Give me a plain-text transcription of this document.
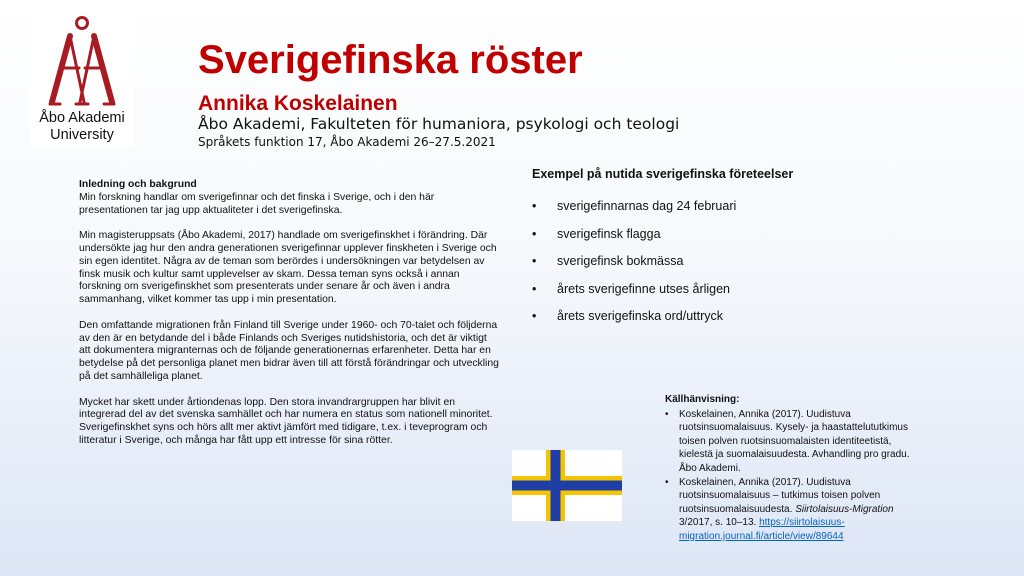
Åbo Akademi
University
Sverigefinska röster
Annika Koskelainen
Åbo Akademi, Fakulteten för humaniora, psykologi och teologi
Språkets funktion 17, Åbo Akademi 26–27.5.2021
Inledning och bakgrund

Min forskning handlar om sverigefinnar och det finska i Sverige, och i den här presentationen tar jag upp aktualiteter i det sverigefinska.

Min magisteruppsats (Åbo Akademi, 2017) handlade om sverigefinskhet i förändring. Där undersökte jag hur den andra generationen sverigefinnar upplever finskheten i Sverige och sin egen identitet. Några av de teman som berördes i undersökningen var betydelsen av finsk musik och kultur samt upplevelser av skam. Dessa teman syns också i annan forskning om sverigefinskhet som presenterats under senare år och även i andra sammanhang, vilket kommer tas upp i min presentation.

Den omfattande migrationen från Finland till Sverige under 1960- och 70-talet och följderna av den är en betydande del i både Finlands och Sveriges nutidshistoria, och det är viktigt att dokumentera migranternas och de följande generationernas erfarenheter. Detta har en betydelse på det personliga planet men bidrar även till att förstå förändringar och utveckling på det samhälleliga planet.

Mycket har skett under årtiondenas lopp. Den stora invandrargruppen har blivit en integrerad del av det svenska samhället och har numera en status som nationell minoritet. Sverigefinskhet syns och hörs allt mer aktivt jämfört med tidigare, t.ex. i teveprogram och litteratur i Sverige, och många har fått upp ett intresse för sina rötter.

Exempel på nutida sverigefinska företeelser
• sverigefinnarnas dag 24 februari
• sverigefinsk flagga
• sverigefinsk bokmässa
• årets sverigefinne utses årligen
• årets sverigefinska ord/uttryck
Källhänvisning:
• Koskelainen, Annika (2017). Uudistuva ruotsinsuomalaisuus. Kysely- ja haastattelututkimus toisen polven ruotsinsuomalaisten identiteetistä, kielestä ja suomalaisuudesta. Avhandling pro gradu. Åbo Akademi.
• Koskelainen, Annika (2017). Uudistuva ruotsinsuomalaisuus – tutkimus toisen polven ruotsinsuomalaisuudesta. Siirtolaisuus-Migration 3/2017, s. 10–13. https://siirtolaisuus-migration.journal.fi/article/view/89644
